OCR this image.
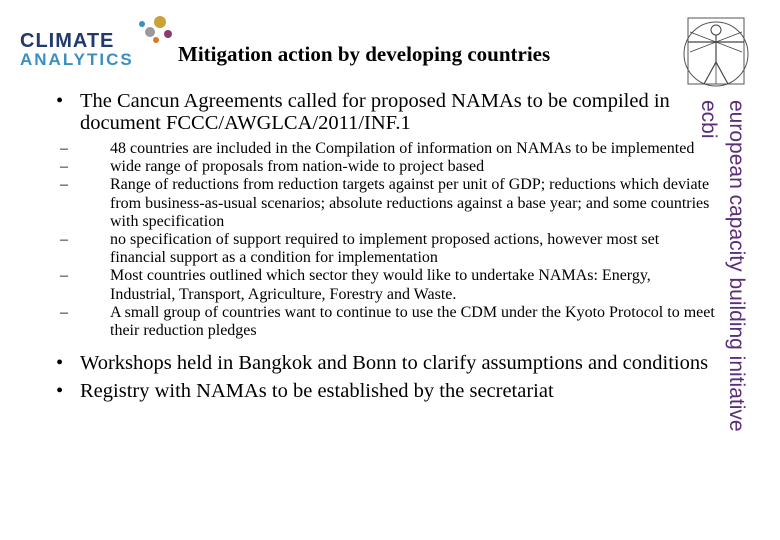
CLIMATE
ANALYTICS Mitigation action by developing countries
european capacity building initiative
ecbi
• The Cancun Agreements called for proposed NAMAs to be compiled in document FCCC/AWGLCA/2011/INF.1
–	48 countries are included in the Compilation of information on NAMAs to be implemented
–	wide range of proposals from nation-wide to project based
–	Range of reductions from reduction targets against per unit of GDP; reductions which deviate from business-as-usual scenarios; absolute reductions against a base year; and some countries with specification
–	no specification of support required to implement proposed actions, however most set financial support as a condition for implementation
–	Most countries outlined which sector they would like to undertake NAMAs: Energy, Industrial, Transport, Agriculture, Forestry and Waste.
–	A small group of countries want to continue to use the CDM under the Kyoto Protocol to meet their reduction pledges
• Workshops held in Bangkok and Bonn to clarify assumptions and conditions
• Registry with NAMAs to be established by the secretariat
